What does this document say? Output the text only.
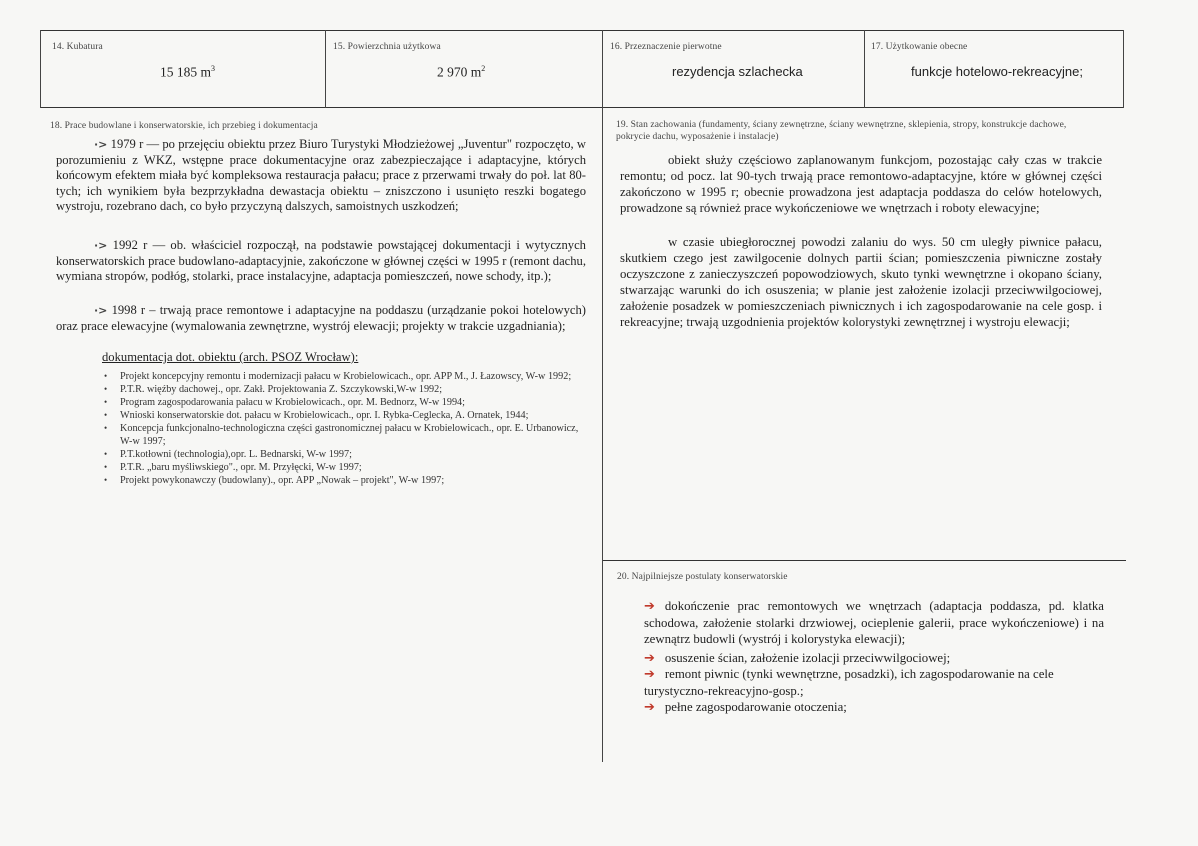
14. Kubatura
15 185 $m^3$
15. Powierzchnia użytkowa
2 970 $m^2$
16. Przeznaczenie pierwotne
rezydencja szlachecka
17. Użytkowanie obecne
funkcje hotelowo-rekreacyjne;
18. Prace budowlane i konserwatorskie, ich przebieg i dokumentacja

·> 1979 r — po przejęciu obiektu przez Biuro Turystyki Młodzieżowej „Juventur" rozpoczęto, w porozumieniu z WKZ, wstępne prace dokumentacyjne oraz zabezpieczające i adaptacyjne, których końcowym efektem miała być kompleksowa restauracja pałacu; prace z przerwami trwały do poł. lat 80-tych; ich wynikiem była bezprzykładna dewastacja obiektu – zniszczono i usunięto reszki bogatego wystroju, rozebrano dach, co było przyczyną dalszych, samoistnych uszkodzeń;

·> 1992 r — ob. właściciel rozpoczął, na podstawie powstającej dokumentacji i wytycznych konserwatorskich prace budowlano-adaptacyjnie, zakończone w głównej części w 1995 r (remont dachu, wymiana stropów, podłóg, stolarki, prace instalacyjne, adaptacja pomieszczeń, nowe schody, itp.);

·> 1998 r – trwają prace remontowe i adaptacyjne na poddaszu (urządzanie pokoi hotelowych) oraz prace elewacyjne (wymalowania zewnętrzne, wystrój elewacji; projekty w trakcie uzgadniania);

dokumentacja dot. obiektu (arch. PSOZ Wrocław):
• Projekt koncepcyjny remontu i modernizacji pałacu w Krobielowicach., opr. APP M., J. Łazowscy, W-w 1992;
• P.T.R. więźby dachowej., opr. Zakł. Projektowania Z. Szczykowski,W-w 1992;
• Program zagospodarowania pałacu w Krobielowicach., opr. M. Bednorz, W-w 1994;
• Wnioski konserwatorskie dot. pałacu w Krobielowicach., opr. I. Rybka-Ceglecka, A. Ornatek, 1944;
• Koncepcja funkcjonalno-technologiczna części gastronomicznej pałacu w Krobielowicach., opr. E. Urbanowicz, W-w 1997;
• P.T.kotłowni (technologia),opr. L. Bednarski, W-w 1997;
• P.T.R. „baru myśliwskiego"., opr. M. Przyłęcki, W-w 1997;
• Projekt powykonawczy (budowlany)., opr. APP „Nowak – projekt", W-w 1997;
19. Stan zachowania (fundamenty, ściany zewnętrzne, ściany wewnętrzne, sklepienia, stropy, konstrukcje dachowe, pokrycie dachu, wyposażenie i instalacje)

obiekt służy częściowo zaplanowanym funkcjom, pozostając cały czas w trakcie remontu; od pocz. lat 90-tych trwają prace remontowo-adaptacyjne, które w głównej części zakończono w 1995 r; obecnie prowadzona jest adaptacja poddasza do celów hotelowych, prowadzone są również prace wykończeniowe we wnętrzach i roboty elewacyjne;

w czasie ubiegłorocznej powodzi zalaniu do wys. 50 cm uległy piwnice pałacu, skutkiem czego jest zawilgocenie dolnych partii ścian; pomieszczenia piwniczne zostały oczyszczone z zanieczyszczeń popowodziowych, skuto tynki wewnętrzne i okopano ściany, stwarzając warunki do ich osuszenia; w planie jest założenie izolacji przeciwwilgociowej, założenie posadzek w pomieszczeniach piwnicznych i ich zagospodarowanie na cele gosp. i rekreacyjne; trwają uzgodnienia projektów kolorystyki zewnętrznej i wystroju elewacji;

20. Najpilniejsze postulaty konserwatorskie

➔ dokończenie prac remontowych we wnętrzach (adaptacja poddasza, pd. klatka schodowa, założenie stolarki drzwiowej, ocieplenie galerii, prace wykończeniowe) i na zewnątrz budowli (wystrój i kolorystyka elewacji);

➔ osuszenie ścian, założenie izolacji przeciwwilgociowej;

➔ remont piwnic (tynki wewnętrzne, posadzki), ich zagospodarowanie na cele turystyczno-rekreacyjno-gosp.;

➔ pełne zagospodarowanie otoczenia;
